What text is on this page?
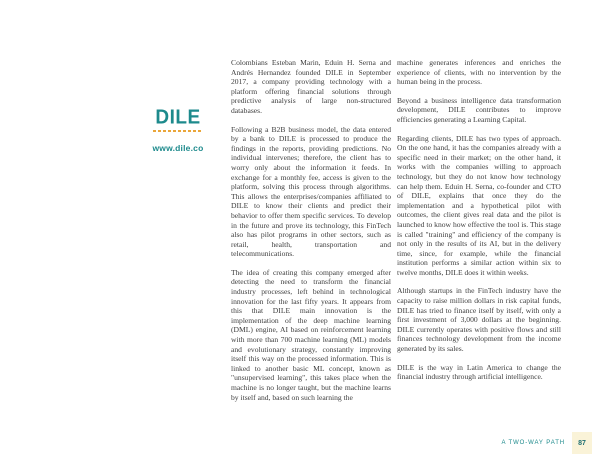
DILE
www.dile.co

Colombians Esteban Marin, Eduin H. Serna and Andrés Hernandez founded DILE in September 2017, a company providing technology with a platform offering financial solutions through predictive analysis of large non-structured databases.

Following a B2B business model, the data entered by a bank to DILE is processed to produce the findings in the reports, providing predictions. No individual intervenes; therefore, the client has to worry only about the information it feeds. In exchange for a monthly fee, access is given to the platform, solving this process through algorithms. This allows the enterprises/companies affiliated to DILE to know their clients and predict their behavior to offer them specific services. To develop in the future and prove its technology, this FinTech also has pilot programs in other sectors, such as retail, health, transportation and telecommunications.

The idea of creating this company emerged after detecting the need to transform the financial industry processes, left behind in technological innovation for the last fifty years. It appears from this that DILE main innovation is the implementation of the deep machine learning (DML) engine, AI based on reinforcement learning with more than 700 machine learning (ML) models and evolutionary strategy, constantly improving itself this way on the processed information. This is linked to another basic ML concept, known as "unsupervised learning", this takes place when the machine is no longer taught, but the machine learns by itself and, based on such learning the

machine generates inferences and enriches the experience of clients, with no intervention by the human being in the process.

Beyond a business intelligence data transformation development, DILE contributes to improve efficiencies generating a Learning Capital.

Regarding clients, DILE has two types of approach. On the one hand, it has the companies already with a specific need in their market; on the other hand, it works with the companies willing to approach technology, but they do not know how technology can help them. Eduin H. Serna, co-founder and CTO of DILE, explains that once they do the implementation and a hypothetical pilot with outcomes, the client gives real data and the pilot is launched to know how effective the tool is. This stage is called "training" and efficiency of the company is not only in the results of its AI, but in the delivery time, since, for example, while the financial institution performs a similar action within six to twelve months, DILE does it within weeks.

Although startups in the FinTech industry have the capacity to raise million dollars in risk capital funds, DILE has tried to finance itself by itself, with only a first investment of 3,000 dollars at the beginning. DILE currently operates with positive flows and still finances technology development from the income generated by its sales.

DILE is the way in Latin America to change the financial industry through artificial intelligence.

A TWO-WAY PATH	87
